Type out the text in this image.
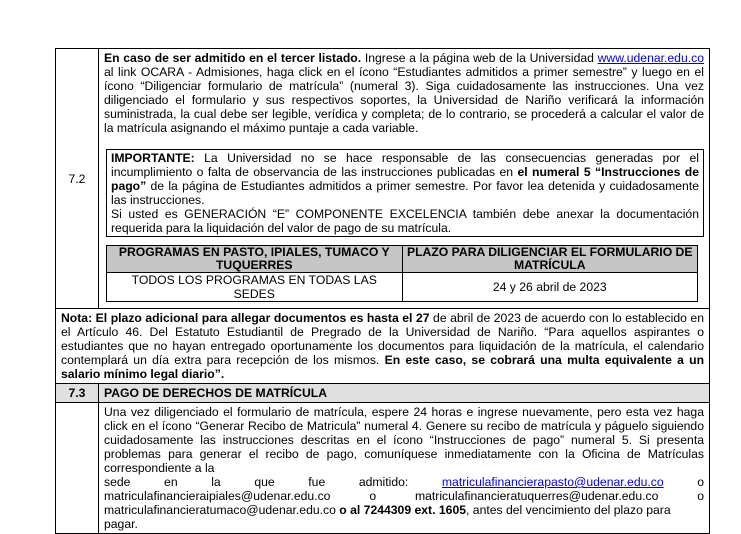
7.2	

En caso de ser admitido en el tercer listado. Ingrese a la página web de la Universidad www.udenar.edu.co al link OCARA - Admisiones, haga click en el ícono “Estudiantes admitidos a primer semestre” y luego en el ícono “Diligenciar formulario de matrícula” (numeral 3). Siga cuidadosamente las instrucciones. Una vez diligenciado el formulario y sus respectivos soportes, la Universidad de Nariño verificará la información suministrada, la cual debe ser legible, verídica y completa; de lo contrario, se procederá a calcular el valor de la matrícula asignando el máximo puntaje a cada variable.

IMPORTANTE: La Universidad no se hace responsable de las consecuencias generadas por el incumplimiento o falta de observancia de las instrucciones publicadas en el numeral 5 “Instrucciones de pago” de la página de Estudiantes admitidos a primer semestre. Por favor lea detenida y cuidadosamente las instrucciones.
Si usted es GENERACIÓN “E” COMPONENTE EXCELENCIA también debe anexar la documentación requerida para la liquidación del valor de pago de su matrícula.
PROGRAMAS EN PASTO, IPIALES, TUMACO Y TUQUERRES	PLAZO PARA DILIGENCIAR EL FORMULARIO DE MATRÍCULA
TODOS LOS PROGRAMAS EN TODAS LAS SEDES	24 y 26 abril de 2023

Nota: El plazo adicional para allegar documentos es hasta el 27 de abril de 2023 de acuerdo con lo establecido en el Artículo 46. Del Estatuto Estudiantil de Pregrado de la Universidad de Nariño. “Para aquellos aspirantes o estudiantes que no hayan entregado oportunamente los documentos para liquidación de la matrícula, el calendario contemplará un día extra para recepción de los mismos. En este caso, se cobrará una multa equivalente a un salario mínimo legal diario”.
7.3	PAGO DE DERECHOS DE MATRÍCULA

Una vez diligenciado el formulario de matrícula, espere 24 horas e ingrese nuevamente, pero esta vez haga click en el ícono “Generar Recibo de Matricula” numeral 4. Genere su recibo de matrícula y páguelo siguiendo cuidadosamente las instrucciones descritas en el ícono “Instrucciones de pago” numeral 5. Si presenta problemas para generar el recibo de pago, comuníquese inmediatamente con la Oficina de Matrículas correspondiente a la

sede	en	la	que	fue	admitido:	matriculafinancierapasto@udenar.edu.co	o
matriculafinancieraipiales@udenar.edu.co	o	matriculafinancieratuquerres@udenar.edu.co	o
matriculafinancieratumaco@udenar.edu.co o al 7244309 ext. 1605, antes del vencimiento del plazo para pagar.
